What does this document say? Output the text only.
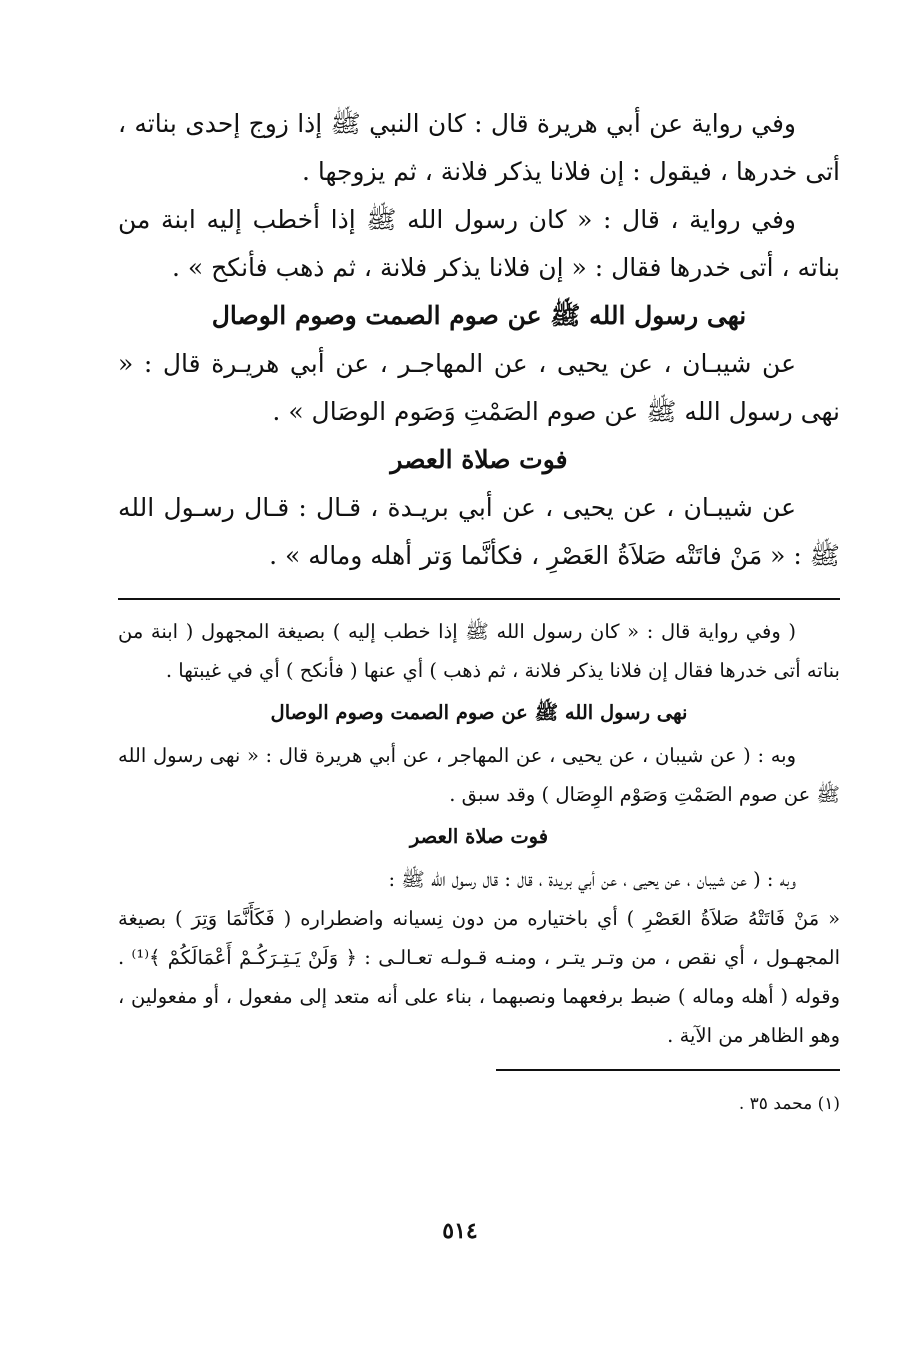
وفي رواية عن أبي هريرة قال : كان النبي ﷺ إذا زوج إحدى بناته ، أتى خدرها ، فيقول : إن فلانا يذكر فلانة ، ثم يزوجها .

وفي رواية ، قال : « كان رسول الله ﷺ إذا أخطب إليه ابنة من بناته ، أتى خدرها فقال : « إن فلانا يذكر فلانة ، ثم ذهب فأنكح » .

نهى رسول الله ﷺ عن صوم الصمت وصوم الوصال

عن شيبـان ، عن يحيى ، عن المهاجـر ، عن أبي هريـرة قال : « نهى رسول الله ﷺ عن صوم الصَمْتِ وَصَوم الوصَال » .

فوت صلاة العصر

عن شيبـان ، عن يحيى ، عن أبي بريـدة ، قـال : قـال رسـول الله ﷺ : « مَنْ فاتَتْه صَلاَةُ العَصْرِ ، فكأنَّما وَتر أهله وماله » .

( وفي رواية قال : « كان رسول الله ﷺ إذا خطب إليه ) بصيغة المجهول ( ابنة من بناته أتى خدرها فقال إن فلانا يذكر فلانة ، ثم ذهب ) أي عنها ( فأنكح ) أي في غيبتها .

نهى رسول الله ﷺ عن صوم الصمت وصوم الوصال

وبه : ( عن شيبان ، عن يحيى ، عن المهاجر ، عن أبي هريرة قال : « نهى رسول الله ﷺ عن صوم الصَمْتِ وَصَوْم الوِصَال ) وقد سبق .

فوت صلاة العصر

وبه : ( عن شيبان ، عن يحيى ، عن أبي بريدة ، قال : قال رسول الله ﷺ :

« مَنْ فَاتَتْهُ صَلاَةُ العَصْرِ ) أي باختياره من دون نِسيانه واضطراره ( فَكَأَنَّمَا وَتِرَ ) بصيغة المجهـول ، أي نقص ، من وتـر يتـر ، ومنـه قـولـه تعـالـى : ﴿ وَلَنْ يَـتِـرَكُـمْ أَعْمَالَكُمْ ﴾⁽¹⁾ . وقوله ( أهله وماله ) ضبط برفعهما ونصبهما ، بناء على أنه متعد إلى مفعول ، أو مفعولين ، وهو الظاهر من الآية .

(١) محمد ٣٥ .
٥١٤
